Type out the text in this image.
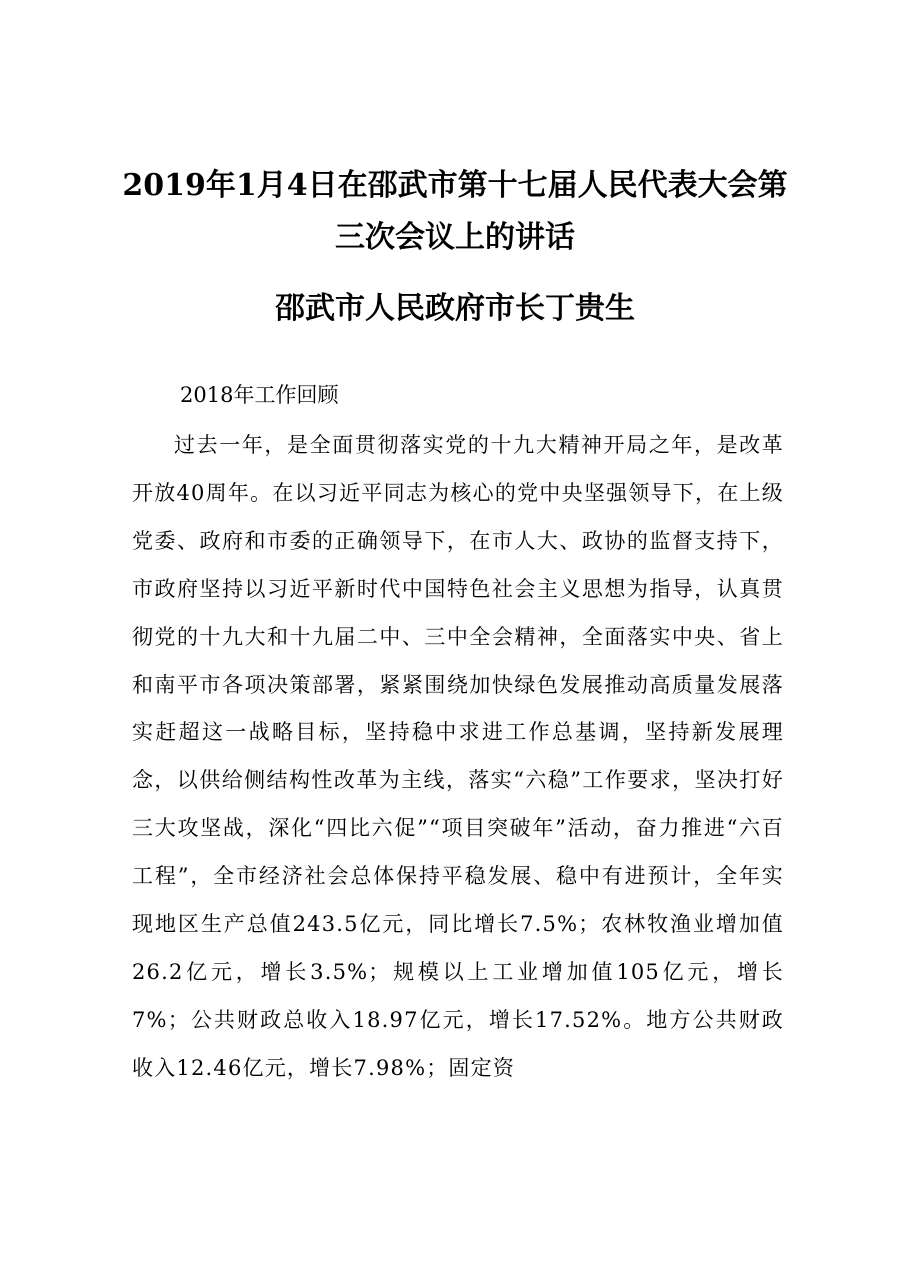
2019年1月4日在邵武市第十七届人民代表大会第三次会议上的讲话
邵武市人民政府市长丁贵生

2018年工作回顾

过去一年，是全面贯彻落实党的十九大精神开局之年，是改革开放40周年。在以习近平同志为核心的党中央坚强领导下，在上级党委、政府和市委的正确领导下，在市人大、政协的监督支持下，市政府坚持以习近平新时代中国特色社会主义思想为指导，认真贯彻党的十九大和十九届二中、三中全会精神，全面落实中央、省上和南平市各项决策部署，紧紧围绕加快绿色发展推动高质量发展落实赶超这一战略目标，坚持稳中求进工作总基调，坚持新发展理念，以供给侧结构性改革为主线，落实“六稳”工作要求，坚决打好三大攻坚战，深化“四比六促”“项目突破年”活动，奋力推进“六百工程”，全市经济社会总体保持平稳发展、稳中有进预计，全年实现地区生产总值243.5亿元，同比增长7.5%；农林牧渔业增加值26.2亿元，增长3.5%；规模以上工业增加值105亿元，增长7%；公共财政总收入18.97亿元，增长17.52%。地方公共财政收入12.46亿元，增长7.98%；固定资
